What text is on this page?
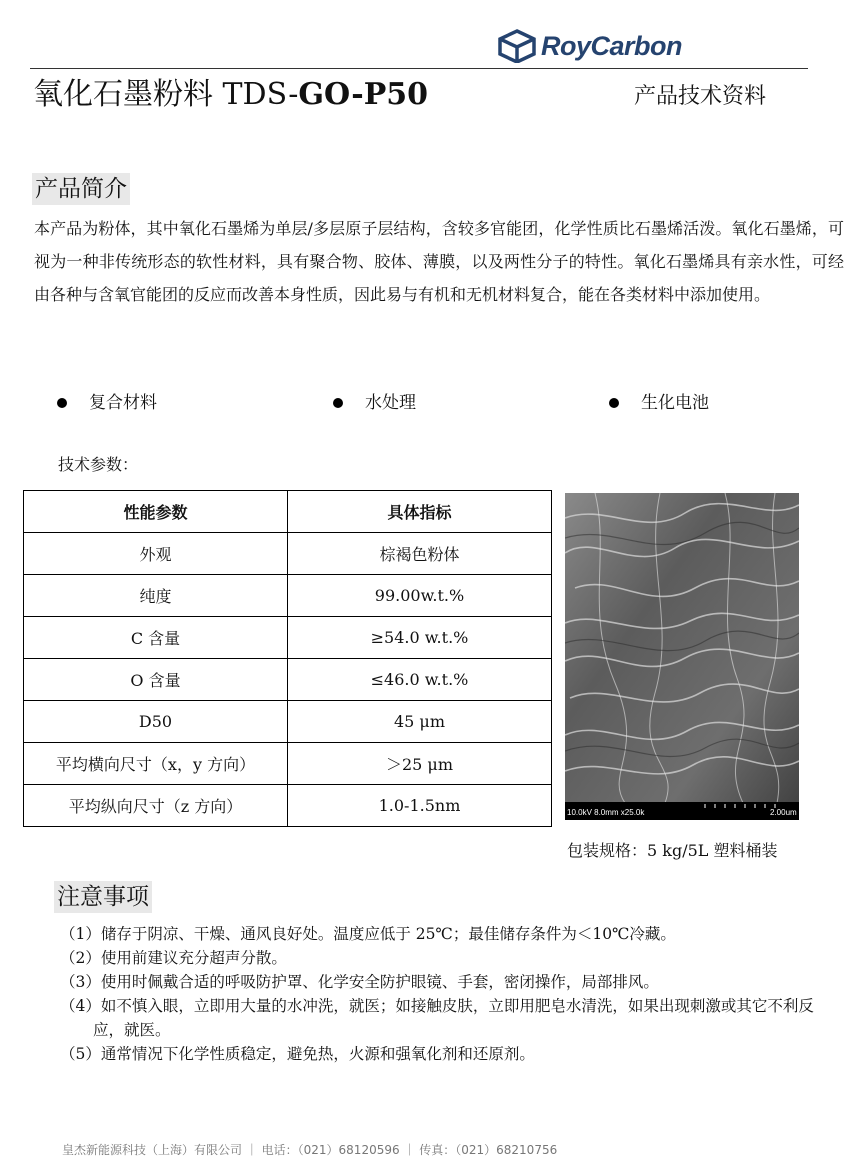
RoyCarbon
氧化石墨粉料 TDS-GO-P50	产品技术资料
产品简介
本产品为粉体，其中氧化石墨烯为单层/多层原子层结构，含较多官能团，化学性质比石墨烯活泼。氧化石墨烯，可视为一种非传统形态的软性材料，具有聚合物、胶体、薄膜，以及两性分子的特性。氧化石墨烯具有亲水性，可经由各种与含氧官能团的反应而改善本身性质，因此易与有机和无机材料复合，能在各类材料中添加使用。
复合材料	水处理	生化电池
技术参数：
性能参数	具体指标
外观	棕褐色粉体
纯度	99.00w.t.%
C 含量	≥54.0 w.t.%
O 含量	≤46.0 w.t.%
D50	45 μm
平均横向尺寸（x，y 方向）	＞25 μm
平均纵向尺寸（z 方向）	1.0-1.5nm	10.0kV 8.0mm x25.0k	2.00um
包装规格：5 kg/5L 塑料桶装
注意事项
（1）储存于阴凉、干燥、通风良好处。温度应低于 25℃；最佳储存条件为＜10℃冷藏。
（2）使用前建议充分超声分散。
（3）使用时佩戴合适的呼吸防护罩、化学安全防护眼镜、手套，密闭操作，局部排风。
（4）如不慎入眼，立即用大量的水冲洗，就医；如接触皮肤，立即用肥皂水清洗，如果出现刺激或其它不利反应，就医。
（5）通常情况下化学性质稳定，避免热，火源和强氧化剂和还原剂。
皇杰新能源科技（上海）有限公司 ｜ 电话：（021）68120596 ｜ 传真：（021）68210756
